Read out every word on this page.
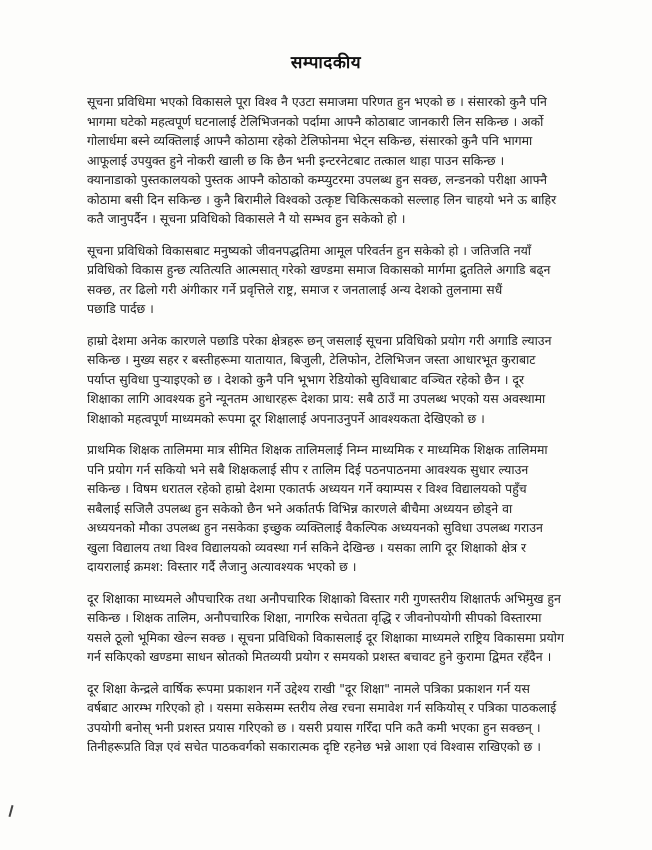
सम्पादकीय
सूचना प्रविधिमा भएको विकासले पूरा विश्व नै एउटा समाजमा परिणत हुन भएको छ । संसारको कुनै पनि
भागमा घटेको महत्वपूर्ण घटनालाई टेलिभिजनको पर्दामा आफ्नै कोठाबाट जानकारी लिन सकिन्छ । अर्को
गोलार्धमा बस्ने व्यक्तिलाई आफ्नै कोठामा रहेको टेलिफोनमा भेट्न सकिन्छ, संसारको कुनै पनि भागमा
आफूलाई उपयुक्त हुने नोकरी खाली छ कि छैन भनी इन्टरनेटबाट तत्काल थाहा पाउन सकिन्छ ।
क्यानाडाको पुस्तकालयको पुस्तक आफ्नै कोठाको कम्प्युटरमा उपलब्ध हुन सक्छ, लन्डनको परीक्षा आफ्नै
कोठामा बसी दिन सकिन्छ । कुनै बिरामीले विश्वको उत्कृष्ट चिकित्सकको सल्लाह लिन चाहयो भने ऊ बाहिर
कतै जानुपर्दैन । सूचना प्रविधिको विकासले नै यो सम्भव हुन सकेको हो ।
सूचना प्रविधिको विकासबाट मनुष्यको जीवनपद्धतिमा आमूल परिवर्तन हुन सकेको हो । जतिजति नयाँ
प्रविधिको विकास हुन्छ त्यतित्यति आत्मसात् गरेको खण्डमा समाज विकासको मार्गमा द्रुततिले अगाडि बढ्न
सक्छ, तर ढिलो गरी अंगीकार गर्ने प्रवृत्तिले राष्ट्र, समाज र जनतालाई अन्य देशको तुलनामा सधैं
पछाडि पार्दछ ।
हाम्रो देशमा अनेक कारणले पछाडि परेका क्षेत्रहरू छन् जसलाई सूचना प्रविधिको प्रयोग गरी अगाडि ल्याउन
सकिन्छ । मुख्य सहर र बस्तीहरूमा यातायात, बिजुली, टेलिफोन, टेलिभिजन जस्ता आधारभूत कुराबाट
पर्याप्त सुविधा पुऱ्याइएको छ । देशको कुनै पनि भूभाग रेडियोको सुविधाबाट वञ्चित रहेको छैन । दूर
शिक्षाका लागि आवश्यक हुने न्यूनतम आधारहरू देशका प्राय: सबै ठाउँ मा उपलब्ध भएको यस अवस्थामा
शिक्षाको महत्वपूर्ण माध्यमको रूपमा दूर शिक्षालाई अपनाउनुपर्ने आवश्यकता देखिएको छ ।
प्राथमिक शिक्षक तालिममा मात्र सीमित शिक्षक तालिमलाई निम्न माध्यमिक र माध्यमिक शिक्षक तालिममा
पनि प्रयोग गर्न सकियो भने सबै शिक्षकलाई सीप र तालिम दिई पठनपाठनमा आवश्यक सुधार ल्याउन
सकिन्छ । विषम धरातल रहेको हाम्रो देशमा एकातर्फ अध्ययन गर्ने क्याम्पस र विश्व विद्यालयको पहुँच
सबैलाई सजिलै उपलब्ध हुन सकेको छैन भने अर्कातर्फ विभिन्न कारणले बीचैमा अध्ययन छोड्ने वा
अध्ययनको मौका उपलब्ध हुन नसकेका इच्छुक व्यक्तिलाई वैकल्पिक अध्ययनको सुविधा उपलब्ध गराउन
खुला विद्यालय तथा विश्व विद्यालयको व्यवस्था गर्न सकिने देखिन्छ । यसका लागि दूर शिक्षाको क्षेत्र र
दायरालाई क्रमश: विस्तार गर्दै लैजानु अत्यावश्यक भएको छ ।
दूर शिक्षाका माध्यमले औपचारिक तथा अनौपचारिक शिक्षाको विस्तार गरी गुणस्तरीय शिक्षातर्फ अभिमुख हुन
सकिन्छ । शिक्षक तालिम, अनौपचारिक शिक्षा, नागरिक सचेतता वृद्धि र जीवनोपयोगी सीपको विस्तारमा
यसले ठूलो भूमिका खेल्न सक्छ । सूचना प्रविधिको विकासलाई दूर शिक्षाका माध्यमले राष्ट्रिय विकासमा प्रयोग
गर्न सकिएको खण्डमा साधन स्रोतको मितव्ययी प्रयोग र समयको प्रशस्त बचावट हुने कुरामा द्विमत रहँदैन ।
दूर शिक्षा केन्द्रले वार्षिक रूपमा प्रकाशन गर्ने उद्देश्य राखी "दूर शिक्षा" नामले पत्रिका प्रकाशन गर्न यस
वर्षबाट आरम्भ गरिएको हो । यसमा सकेसम्म स्तरीय लेख रचना समावेश गर्न सकियोस् र पत्रिका पाठकलाई
उपयोगी बनोस् भनी प्रशस्त प्रयास गरिएको छ । यसरी प्रयास गरिँदा पनि कतै कमी भएका हुन सक्छन् ।
तिनीहरूप्रति विज्ञ एवं सचेत पाठकवर्गको सकारात्मक दृष्टि रहनेछ भन्ने आशा एवं विश्वास राखिएको छ ।
